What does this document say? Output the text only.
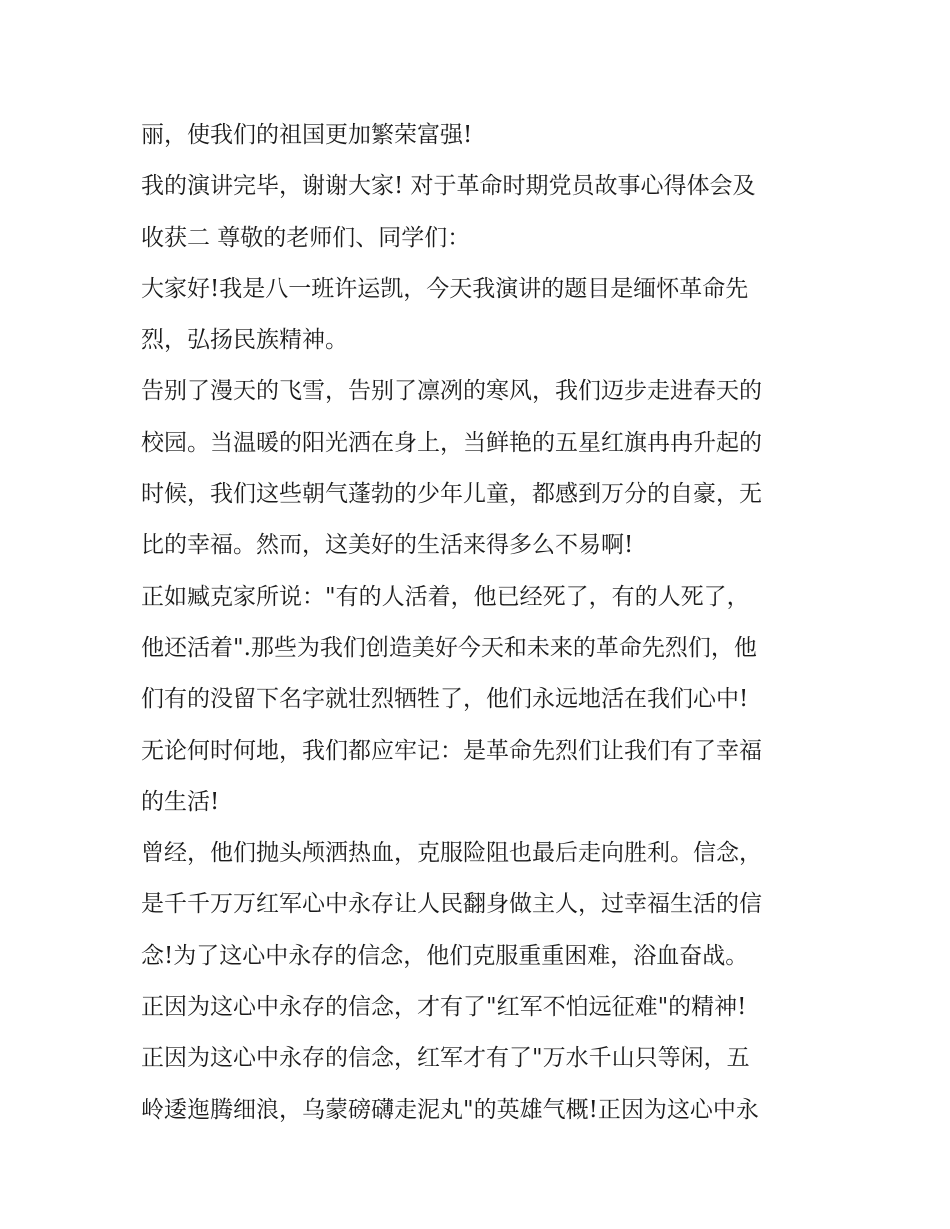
丽，使我们的祖国更加繁荣富强!
我的演讲完毕，谢谢大家! 对于革命时期党员故事心得体会及
收获二 尊敬的老师们、同学们：
大家好!我是八一班许运凯，今天我演讲的题目是缅怀革命先
烈，弘扬民族精神。
告别了漫天的飞雪，告别了凛冽的寒风，我们迈步走进春天的
校园。当温暖的阳光洒在身上，当鲜艳的五星红旗冉冉升起的
时候，我们这些朝气蓬勃的少年儿童，都感到万分的自豪，无
比的幸福。然而，这美好的生活来得多么不易啊!
正如臧克家所说："有的人活着，他已经死了，有的人死了，
他还活着".那些为我们创造美好今天和未来的革命先烈们，他
们有的没留下名字就壮烈牺牲了，他们永远地活在我们心中!
无论何时何地，我们都应牢记：是革命先烈们让我们有了幸福
的生活!
曾经，他们抛头颅洒热血，克服险阻也最后走向胜利。信念，
是千千万万红军心中永存让人民翻身做主人，过幸福生活的信
念!为了这心中永存的信念，他们克服重重困难，浴血奋战。
正因为这心中永存的信念，才有了"红军不怕远征难"的精神!
正因为这心中永存的信念，红军才有了"万水千山只等闲，五
岭逶迤腾细浪，乌蒙磅礴走泥丸"的英雄气概!正因为这心中永
